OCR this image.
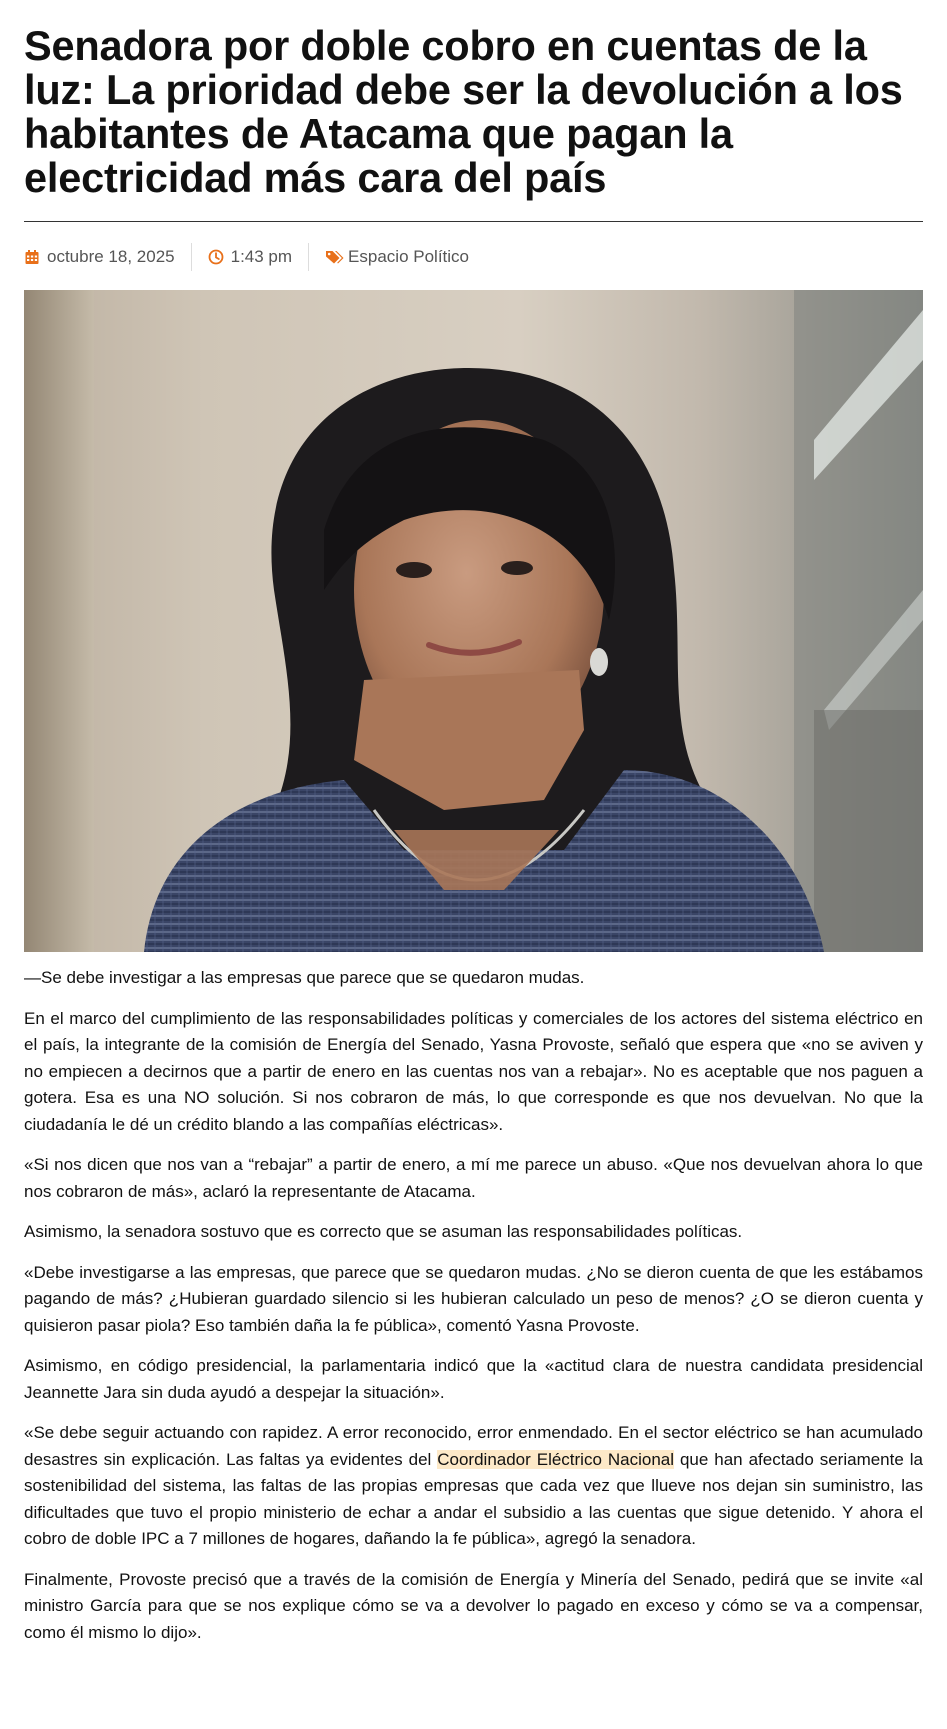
Senadora por doble cobro en cuentas de la luz: La prioridad debe ser la devolución a los habitantes de Atacama que pagan la electricidad más cara del país
octubre 18, 2025	1:43 pm	Espacio Político

—Se debe investigar a las empresas que parece que se quedaron mudas.

En el marco del cumplimiento de las responsabilidades políticas y comerciales de los actores del sistema eléctrico en el país, la integrante de la comisión de Energía del Senado, Yasna Provoste, señaló que espera que «no se aviven y no empiecen a decirnos que a partir de enero en las cuentas nos van a rebajar». No es aceptable que nos paguen a gotera. Esa es una NO solución. Si nos cobraron de más, lo que corresponde es que nos devuelvan. No que la ciudadanía le dé un crédito blando a las compañías eléctricas».

«Si nos dicen que nos van a “rebajar” a partir de enero, a mí me parece un abuso. «Que nos devuelvan ahora lo que nos cobraron de más», aclaró la representante de Atacama.

Asimismo, la senadora sostuvo que es correcto que se asuman las responsabilidades políticas.

«Debe investigarse a las empresas, que parece que se quedaron mudas. ¿No se dieron cuenta de que les estábamos pagando de más? ¿Hubieran guardado silencio si les hubieran calculado un peso de menos? ¿O se dieron cuenta y quisieron pasar piola? Eso también daña la fe pública», comentó Yasna Provoste.

Asimismo, en código presidencial, la parlamentaria indicó que la «actitud clara de nuestra candidata presidencial Jeannette Jara sin duda ayudó a despejar la situación».

«Se debe seguir actuando con rapidez. A error reconocido, error enmendado. En el sector eléctrico se han acumulado desastres sin explicación. Las faltas ya evidentes del Coordinador Eléctrico Nacional que han afectado seriamente la sostenibilidad del sistema, las faltas de las propias empresas que cada vez que llueve nos dejan sin suministro, las dificultades que tuvo el propio ministerio de echar a andar el subsidio a las cuentas que sigue detenido. Y ahora el cobro de doble IPC a 7 millones de hogares, dañando la fe pública», agregó la senadora.

Finalmente, Provoste precisó que a través de la comisión de Energía y Minería del Senado, pedirá que se invite «al ministro García para que se nos explique cómo se va a devolver lo pagado en exceso y cómo se va a compensar, como él mismo lo dijo».
